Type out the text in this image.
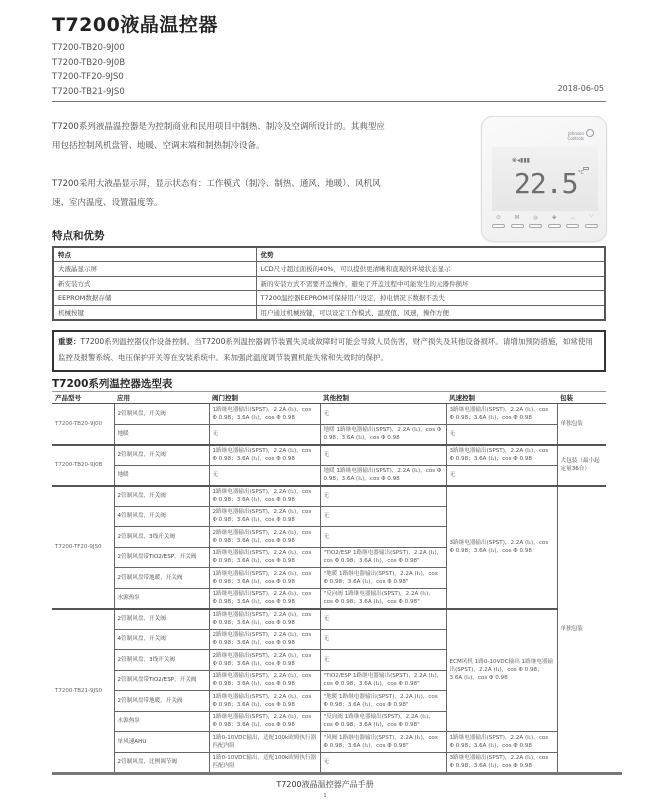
T7200液晶温控器
T7200-TB20-9J00
T7200-TB20-9J0B
T7200-TF20-9JS0
T7200-TB21-9JS0	2018-06-05

T7200系列液晶温控器是为控制商业和民用项目中制热、制冷及空调所设计的。其典型应用包括控制风机盘管、地暖、空调末端和制热制冷设备。

T7200采用大液晶显示屏，显示状态有：工作模式（制冷、制热、通风、地暖）、风机风速、室内温度、设置温度等。

Johnson
Controls
❀◂▮▮▮
22.5 °C
⏻	M	◎	✤	︿	﹀
特点和优势
特点	优势
大液晶显示屏	LCD尺寸超过面板的40%，可以提供更清晰和直观的环境状态显示
新安装方式	新的安装方式不需要开盖操作，避免了开盖过程中可能发生的元器件损坏
EEPROM数据存储	T7200温控器EEPROM可保持用户设定，掉电情况下数据不丢失
机械按键	用户通过机械按键，可以设定工作模式、温度值、风速，操作方便
重要：T7200系列温控器仅作设备控制。当T7200系列温控器调节装置失灵或故障时可能会导致人员伤害，财产损失及其他设备损坏。请增加预防措施，如常使用监控及报警系统、电压保护开关等在安装系统中。来加强此温度调节装置机能失常和失效时的保护。
T7200系列温控器选型表
产品型号	应用	阀门控制	其他控制	风速控制	包装
T7200-TB20-9J00	2管制风盘，开关阀	1路继电器输出(SPST)，2.2A (I₁)，cos Φ 0.98；3.6A (I₁)，cos Φ 0.98	无	3路继电器输出(SPST)，2.2A (I₁)，cos Φ 0.98；3.6A (I₁)，cos Φ 0.98	单独包装
	地暖	无	地暖 1路继电器输出(SPST)，2.2A (I₁)，cos Φ 0.98；3.6A (I₁)，cos Φ 0.98	无	
T7200-TB20-9J0B	2管制风盘，开关阀	1路继电器输出(SPST)，2.2A (I₁)，cos Φ 0.98；3.6A (I₁)，cos Φ 0.98	无	3路继电器输出(SPST)，2.2A (I₁)，cos Φ 0.98；3.6A (I₁)，cos Φ 0.98	大包装（最小起定量36台）
	地暖	无	地暖 1路继电器输出(SPST)，2.2A (I₁)，cos Φ 0.98；3.6A (I₁)，cos Φ 0.98	无	
T7200-TF20-9JS0	2管制风盘，开关阀	1路继电器输出(SPST)，2.2A (I₁)，cos Φ 0.98；3.6A (I₁)，cos Φ 0.98	无	3路继电器输出(SPST)，2.2A (I₁)，cos Φ 0.98；3.6A (I₁)，cos Φ 0.98	单独包装
	4管制风盘，开关阀	2路继电器输出(SPST)，2.2A (I₁)，cos Φ 0.98；3.6A (I₁)，cos Φ 0.98	无		
	2管制风盘，3线开关阀	2路继电器输出(SPST)，2.2A (I₁)，cos Φ 0.98；3.6A (I₁)，cos Φ 0.98	无		
	2管制风盘带TiO2/ESP，开关阀	1路继电器输出(SPST)，2.2A (I₁)，cos Φ 0.98；3.6A (I₁)，cos Φ 0.98	"TiO2/ESP 1路继电器输出(SPST)，2.2A (I₁)，cos Φ 0.98；3.6A (I₁)，cos Φ 0.98"		
	2管制风盘带地暖，开关阀	1路继电器输出(SPST)，2.2A (I₁)，cos Φ 0.98；3.6A (I₁)，cos Φ 0.98	"地暖 1路继电器输出(SPST)，2.2A (I₁)，cos Φ 0.98；3.6A (I₁)，cos Φ 0.98"		
	水源热泵	1路继电器输出(SPST)，2.2A (I₁)，cos Φ 0.98；3.6A (I₁)，cos Φ 0.98	"反向阀 1路继电器输出(SPST)，2.2A (I₁)，cos Φ 0.98；3.6A (I₁)，cos Φ 0.98"		
T7200-TB21-9JS0	2管制风盘，开关阀	1路继电器输出(SPST)，2.2A (I₁)，cos Φ 0.98；3.6A (I₁)，cos Φ 0.98	无	ECM风机 1路0-10VDC输出 1路继电器输出(SPST)，2.2A (I₁)，cos Φ 0.98；3.6A (I₁)，cos Φ 0.98	
	4管制风盘，开关阀	2路继电器输出(SPST)，2.2A (I₁)，cos Φ 0.98；3.6A (I₁)，cos Φ 0.98	无		
	2管制风盘，3线开关阀	2路继电器输出(SPST)，2.2A (I₁)，cos Φ 0.98；3.6A (I₁)，cos Φ 0.98	无		
	2管制风盘带TiO2/ESP，开关阀	1路继电器输出(SPST)，2.2A (I₁)，cos Φ 0.98；3.6A (I₁)，cos Φ 0.98	"TiO2/ESP 1路继电器输出(SPST)，2.2A (I₁)，cos Φ 0.98；3.6A (I₁)，cos Φ 0.98"		
	2管制风盘带地暖，开关阀	1路继电器输出(SPST)，2.2A (I₁)，cos Φ 0.98；3.6A (I₁)，cos Φ 0.98	"地暖 1路继电器输出(SPST)，2.2A (I₁)，cos Φ 0.98；3.6A (I₁)，cos Φ 0.98"		
	水源热泵	1路继电器输出(SPST)，2.2A (I₁)，cos Φ 0.98；3.6A (I₁)，cos Φ 0.98	"反向阀 1路继电器输出(SPST)，2.2A (I₁)，cos Φ 0.98；3.6A (I₁)，cos Φ 0.98"		
	单风速AHU	1路0-10VDC输出，适配100k欧姆执行器匹配内阻	"风阀 1路继电器输出(SPST)，2.2A (I₁)，cos Φ 0.98；3.6A (I₁)，cos Φ 0.98"	1路继电器输出(SPST)，2.2A (I₁)，cos Φ 0.98；3.6A (I₁)，cos Φ 0.98	
	2管制风盘，比例调节阀	1路0-10VDC输出，适配100k欧姆执行器匹配内阻	无	3路继电器输出(SPST)，2.2A (I₁)，cos Φ 0.98；3.6A (I₁)，cos Φ 0.98	
T7200液晶温控器产品手册
1
